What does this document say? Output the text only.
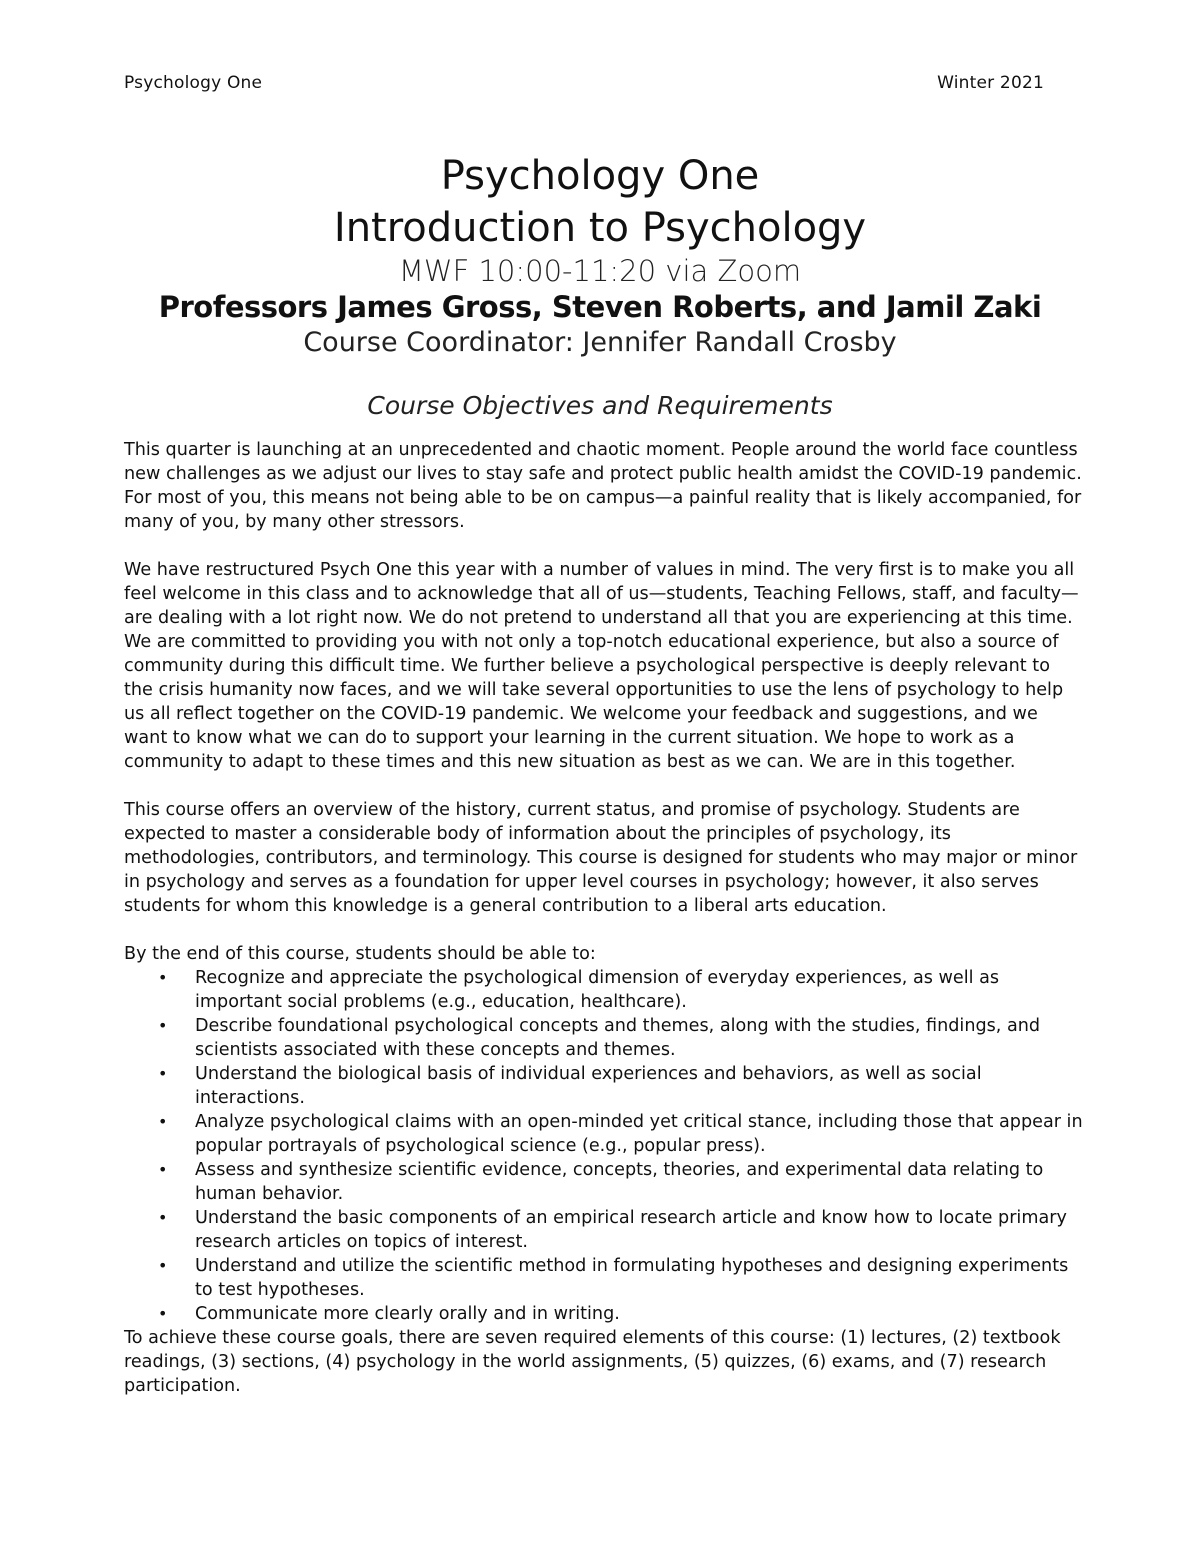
Psychology One	Winter 2021
Psychology One
Introduction to Psychology
MWF 10:00-11:20 via Zoom
Professors James Gross, Steven Roberts, and Jamil Zaki
Course Coordinator: Jennifer Randall Crosby
Course Objectives and Requirements

This quarter is launching at an unprecedented and chaotic moment. People around the world face countless new challenges as we adjust our lives to stay safe and protect public health amidst the COVID-19 pandemic. For most of you, this means not being able to be on campus—a painful reality that is likely accompanied, for many of you, by many other stressors.

We have restructured Psych One this year with a number of values in mind. The very first is to make you all feel welcome in this class and to acknowledge that all of us—students, Teaching Fellows, staff, and faculty—are dealing with a lot right now. We do not pretend to understand all that you are experiencing at this time. We are committed to providing you with not only a top-notch educational experience, but also a source of community during this difficult time. We further believe a psychological perspective is deeply relevant to the crisis humanity now faces, and we will take several opportunities to use the lens of psychology to help us all reflect together on the COVID-19 pandemic. We welcome your feedback and suggestions, and we want to know what we can do to support your learning in the current situation. We hope to work as a community to adapt to these times and this new situation as best as we can. We are in this together.

This course offers an overview of the history, current status, and promise of psychology. Students are expected to master a considerable body of information about the principles of psychology, its methodologies, contributors, and terminology. This course is designed for students who may major or minor in psychology and serves as a foundation for upper level courses in psychology; however, it also serves students for whom this knowledge is a general contribution to a liberal arts education.

By the end of this course, students should be able to:

• Recognize and appreciate the psychological dimension of everyday experiences, as well as important social problems (e.g., education, healthcare).
• Describe foundational psychological concepts and themes, along with the studies, findings, and scientists associated with these concepts and themes.
• Understand the biological basis of individual experiences and behaviors, as well as social interactions.
• Analyze psychological claims with an open-minded yet critical stance, including those that appear in popular portrayals of psychological science (e.g., popular press).
• Assess and synthesize scientific evidence, concepts, theories, and experimental data relating to human behavior.
• Understand the basic components of an empirical research article and know how to locate primary research articles on topics of interest.
• Understand and utilize the scientific method in formulating hypotheses and designing experiments to test hypotheses.
• Communicate more clearly orally and in writing.

To achieve these course goals, there are seven required elements of this course: (1) lectures, (2) textbook readings, (3) sections, (4) psychology in the world assignments, (5) quizzes, (6) exams, and (7) research participation.
